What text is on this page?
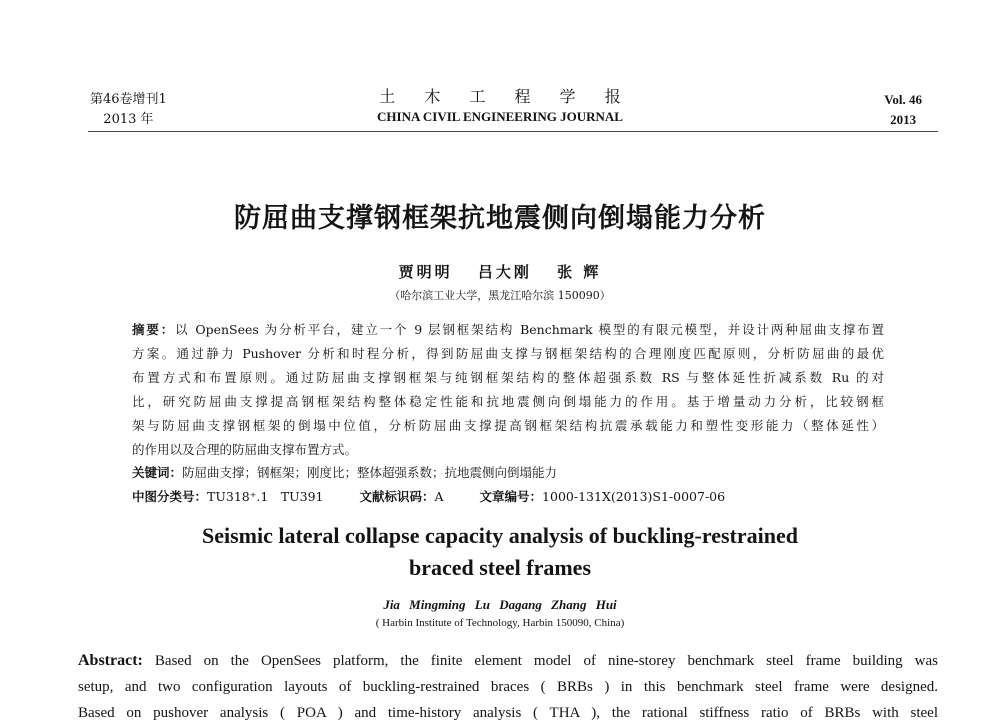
第46卷增刊1
2013 年
土 木 工 程 学 报
CHINA CIVIL ENGINEERING JOURNAL
Vol. 46
2013
防屈曲支撑钢框架抗地震侧向倒塌能力分析
贾明明 吕大刚 张 辉
（哈尔滨工业大学，黑龙江哈尔滨 150090）
摘要：以 OpenSees 为分析平台，建立一个 9 层钢框架结构 Benchmark 模型的有限元模型，并设计两种屈曲支撑布置
方案。通过静力 Pushover 分析和时程分析，得到防屈曲支撑与钢框架结构的合理刚度匹配原则，分析防屈曲的最优
布置方式和布置原则。通过防屈曲支撑钢框架与纯钢框架结构的整体超强系数 RS 与整体延性折减系数 Ru 的对
比，研究防屈曲支撑提高钢框架结构整体稳定性能和抗地震侧向倒塌能力的作用。基于增量动力分析，比较钢框
架与防屈曲支撑钢框架的倒塌中位值，分析防屈曲支撑提高钢框架结构抗震承载能力和塑性变形能力（整体延性）
的作用以及合理的防屈曲支撑布置方式。
关键词：防屈曲支撑；钢框架；刚度比；整体超强系数；抗地震侧向倒塌能力
中图分类号：TU318⁺.1　TU391	文献标识码：A	文章编号：1000-131X(2013)S1-0007-06
Seismic lateral collapse capacity analysis of buckling-restrained
braced steel frames
Jia Mingming Lu Dagang Zhang Hui
( Harbin Institute of Technology, Harbin 150090, China)
Abstract: Based on the OpenSees platform, the finite element model of nine-storey benchmark steel frame building was
setup, and two configuration layouts of buckling-restrained braces ( BRBs ) in this benchmark steel frame were designed.
Based on pushover analysis ( POA ) and time-history analysis ( THA ), the rational stiffness ratio of BRBs with steel
